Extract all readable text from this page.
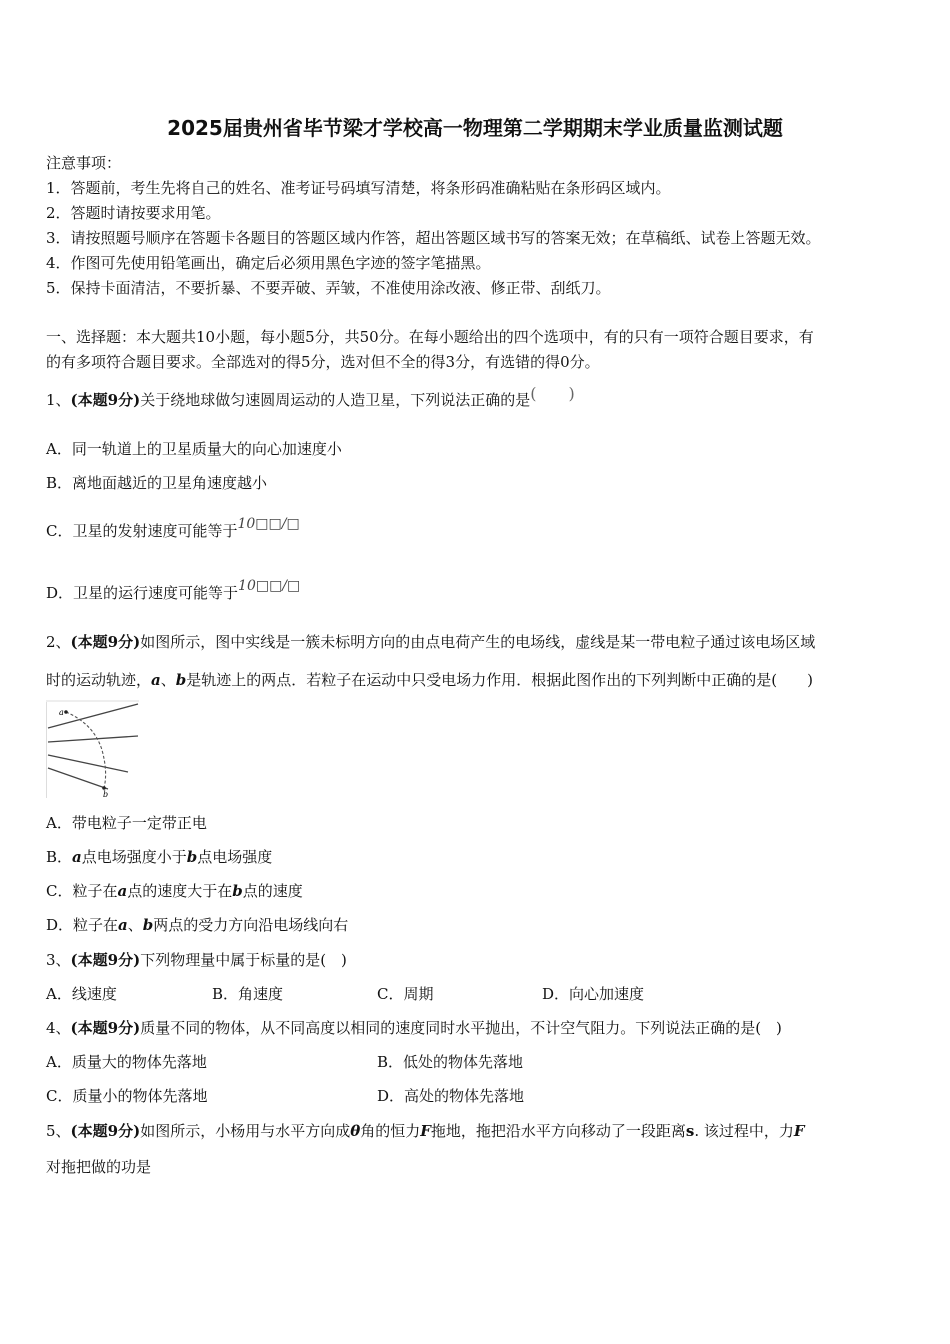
2025届贵州省毕节梁才学校高一物理第二学期期末学业质量监测试题
注意事项：
1．答题前，考生先将自己的姓名、准考证号码填写清楚，将条形码准确粘贴在条形码区域内。
2．答题时请按要求用笔。
3．请按照题号顺序在答题卡各题目的答题区域内作答，超出答题区域书写的答案无效；在草稿纸、试卷上答题无效。
4．作图可先使用铅笔画出，确定后必须用黑色字迹的签字笔描黑。
5．保持卡面清洁，不要折暴、不要弄破、弄皱，不准使用涂改液、修正带、刮纸刀。
一、选择题：本大题共10小题，每小题5分，共50分。在每小题给出的四个选项中，有的只有一项符合题目要求，有
的有多项符合题目要求。全部选对的得5分，选对但不全的得3分，有选错的得0分。
1、(本题9分)关于绕地球做匀速圆周运动的人造卫星，下列说法正确的是(　　)
A．同一轨道上的卫星质量大的向心加速度小
B．离地面越近的卫星角速度越小
C．卫星的发射速度可能等于10□□/□
D．卫星的运行速度可能等于10□□/□
2、(本题9分)如图所示，图中实线是一簇未标明方向的由点电荷产生的电场线，虚线是某一带电粒子通过该电场区域
时的运动轨迹，a、b是轨迹上的两点．若粒子在运动中只受电场力作用．根据此图作出的下列判断中正确的是(　　)
a
b
A．带电粒子一定带正电
B．a点电场强度小于b点电场强度
C．粒子在a点的速度大于在b点的速度
D．粒子在a、b两点的受力方向沿电场线向右
3、(本题9分)下列物理量中属于标量的是(　)
A．线速度	B．角速度	C．周期	D．向心加速度
4、(本题9分)质量不同的物体，从不同高度以相同的速度同时水平抛出，不计空气阻力。下列说法正确的是(　)
A．质量大的物体先落地	B．低处的物体先落地
C．质量小的物体先落地	D．高处的物体先落地
5、(本题9分)如图所示，小杨用与水平方向成θ角的恒力F拖地，拖把沿水平方向移动了一段距离s. 该过程中，力F
对拖把做的功是
